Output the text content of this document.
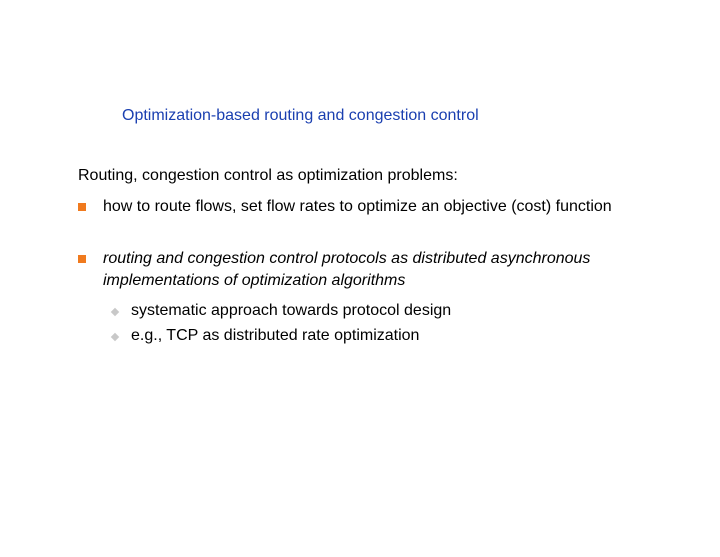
Optimization-based routing and congestion control
Routing, congestion control as optimization problems:
how to route flows, set flow rates to optimize an objective (cost) function
routing and congestion control protocols as distributed asynchronous implementations of optimization algorithms
systematic approach towards protocol design
e.g., TCP as distributed rate optimization
